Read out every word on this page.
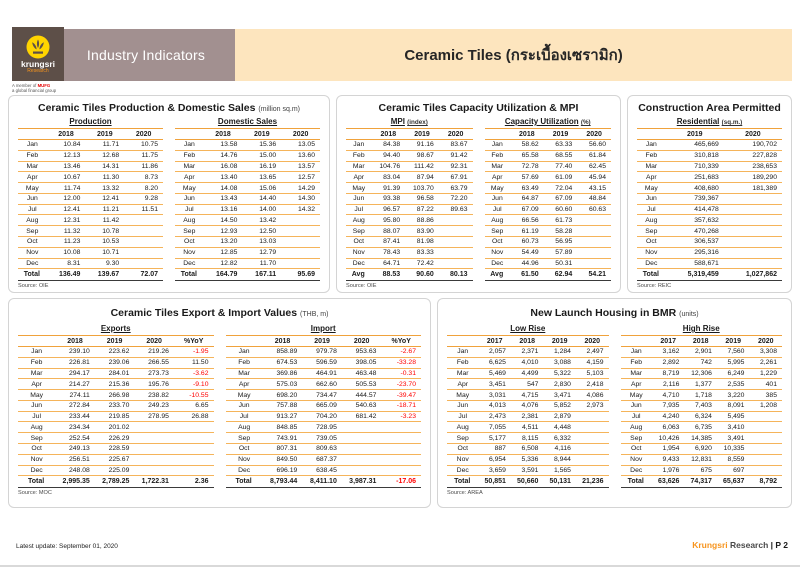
Industry Indicators	Ceramic Tiles (กระเบื้องเซรามิก)
krungsri
Research
A member of MUFG
a global financial group
Ceramic Tiles Production & Domestic Sales (million sq.m)
Production
	2018	2019	2020
Jan	10.84	11.71	10.75
Feb	12.13	12.68	11.75
Mar	13.46	14.31	11.86
Apr	10.67	11.30	8.73
May	11.74	13.32	8.20
Jun	12.00	12.41	9.28
Jul	12.41	11.21	11.51
Aug	12.31	11.42	
Sep	11.32	10.78	
Oct	11.23	10.53	
Nov	10.08	10.71	
Dec	8.31	9.30	
Total	136.49	139.67	72.07
Domestic Sales
	2018	2019	2020
Jan	13.58	15.36	13.05
Feb	14.76	15.00	13.60
Mar	16.08	16.19	13.57
Apr	13.40	13.65	12.57
May	14.08	15.06	14.29
Jun	13.43	14.40	14.30
Jul	13.16	14.00	14.32
Aug	14.50	13.42	
Sep	12.93	12.50	
Oct	13.20	13.03	
Nov	12.85	12.79	
Dec	12.82	11.70	
Total	164.79	167.11	95.69
Source: OIE
Ceramic Tiles Capacity Utilization & MPI
MPI (index)
	2018	2019	2020
Jan	84.38	91.16	83.67
Feb	94.40	98.67	91.42
Mar	104.76	111.42	92.31
Apr	83.04	87.94	67.91
May	91.39	103.70	63.79
Jun	93.38	96.58	72.20
Jul	96.57	87.22	89.63
Aug	95.80	88.86	
Sep	88.07	83.90	
Oct	87.41	81.98	
Nov	78.43	83.33	
Dec	64.71	72.42	
Avg	88.53	90.60	80.13
Capacity Utilization (%)
	2018	2019	2020
Jan	58.62	63.33	56.60
Feb	65.58	68.55	61.84
Mar	72.78	77.40	62.45
Apr	57.69	61.09	45.94
May	63.49	72.04	43.15
Jun	64.87	67.09	48.84
Jul	67.09	60.60	60.63
Aug	66.56	61.73	
Sep	61.19	58.28	
Oct	60.73	56.95	
Nov	54.49	57.89	
Dec	44.96	50.31	
Avg	61.50	62.94	54.21
Source: OIE
Construction Area Permitted
Residential (sq.m.)
	2019	2020
Jan	465,669	190,702
Feb	310,818	227,828
Mar	710,339	238,653
Apr	251,683	189,290
May	408,680	181,389
Jun	739,367	
Jul	414,478	
Aug	357,632	
Sep	470,268	
Oct	306,537	
Nov	295,316	
Dec	588,671	
Total	5,319,459	1,027,862
Source: REIC
Ceramic Tiles Export & Import Values (THB, m)
Exports
	2018	2019	2020	%YoY
Jan	239.10	223.62	219.26	-1.95
Feb	226.81	239.06	266.55	11.50
Mar	294.17	284.01	273.73	-3.62
Apr	214.27	215.36	195.76	-9.10
May	274.11	266.98	238.82	-10.55
Jun	272.84	233.70	249.23	6.65
Jul	233.44	219.85	278.95	26.88
Aug	234.34	201.02		
Sep	252.54	226.29		
Oct	249.13	228.59		
Nov	256.51	225.67		
Dec	248.08	225.09		
Total	2,995.35	2,789.25	1,722.31	2.36
Import
	2018	2019	2020	%YoY
Jan	858.89	979.78	953.63	-2.67
Feb	674.53	596.59	398.05	-33.28
Mar	369.86	464.91	463.48	-0.31
Apr	575.03	662.60	505.53	-23.70
May	698.20	734.47	444.57	-39.47
Jun	757.88	665.09	540.63	-18.71
Jul	913.27	704.20	681.42	-3.23
Aug	848.85	728.95		
Sep	743.91	739.05		
Oct	807.31	809.63		
Nov	849.50	687.37		
Dec	696.19	638.45		
Total	8,793.44	8,411.10	3,987.31	-17.06
Source: MOC
New Launch Housing in BMR (units)
Low Rise
	2017	2018	2019	2020
Jan	2,057	2,371	1,284	2,497
Feb	6,625	4,010	3,088	4,159
Mar	5,469	4,499	5,322	5,103
Apr	3,451	547	2,830	2,418
May	3,031	4,715	3,471	4,086
Jun	4,013	4,076	5,852	2,973
Jul	2,473	2,381	2,879	
Aug	7,055	4,511	4,448	
Sep	5,177	8,115	6,332	
Oct	887	6,508	4,116	
Nov	6,954	5,336	8,944	
Dec	3,659	3,591	1,565	
Total	50,851	50,660	50,131	21,236
High Rise
	2017	2018	2019	2020
Jan	3,162	2,901	7,560	3,308
Feb	2,892	742	5,995	2,261
Mar	8,719	12,306	6,249	1,229
Apr	2,116	1,377	2,535	401
May	4,710	1,718	3,220	385
Jun	7,935	7,403	8,091	1,208
Jul	4,240	6,324	5,495	
Aug	6,063	6,735	3,410	
Sep	10,426	14,385	3,491	
Oct	1,954	6,920	10,335	
Nov	9,433	12,831	8,559	
Dec	1,976	675	697	
Total	63,626	74,317	65,637	8,792
Source: AREA
Latest update: September 01, 2020	Krungsri Research | P 2
